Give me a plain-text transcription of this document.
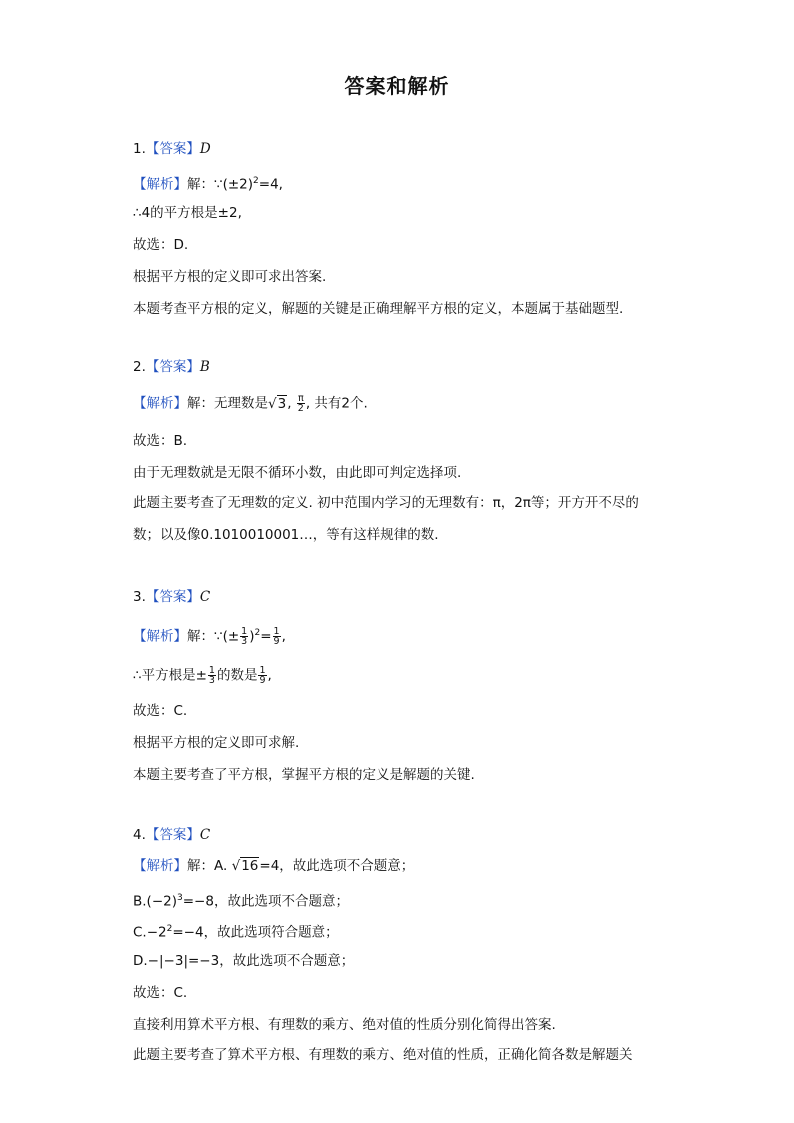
答案和解析
1.【答案】D
【解析】解：$\because(\pm 2)^2=4$,
∴4的平方根是±2,
故选：D.
根据平方根的定义即可求出答案.
本题考查平方根的定义，解题的关键是正确理解平方根的定义，本题属于基础题型.
2.【答案】B
【解析】解：无理数是√3, $\frac{\pi}{2}$ , 共有2个.
故选：B.
由于无理数就是无限不循环小数，由此即可判定选择项.
此题主要考查了无理数的定义. 初中范围内学习的无理数有：π，2π等；开方开不尽的
数；以及像0.1010010001…，等有这样规律的数.
3.【答案】C
【解析】解：∵(± $\frac{1}{3} )^2= \frac{1}{9}$ ,
∴平方根是± $\frac{1}{3}$ 的数是 $\frac{1}{9}$ ,
故选：C.
根据平方根的定义即可求解.
本题主要考查了平方根，掌握平方根的定义是解题的关键.
4.【答案】C
【解析】解：A. √16=4，故此选项不合题意；
$B.(-2)^3=-8$，故此选项不合题意；
$C.-2^2=-4$，故此选项符合题意；
D.−|−3|=−3，故此选项不合题意；
故选：C.
直接利用算术平方根、有理数的乘方、绝对值的性质分别化简得出答案.
此题主要考查了算术平方根、有理数的乘方、绝对值的性质，正确化简各数是解题关
